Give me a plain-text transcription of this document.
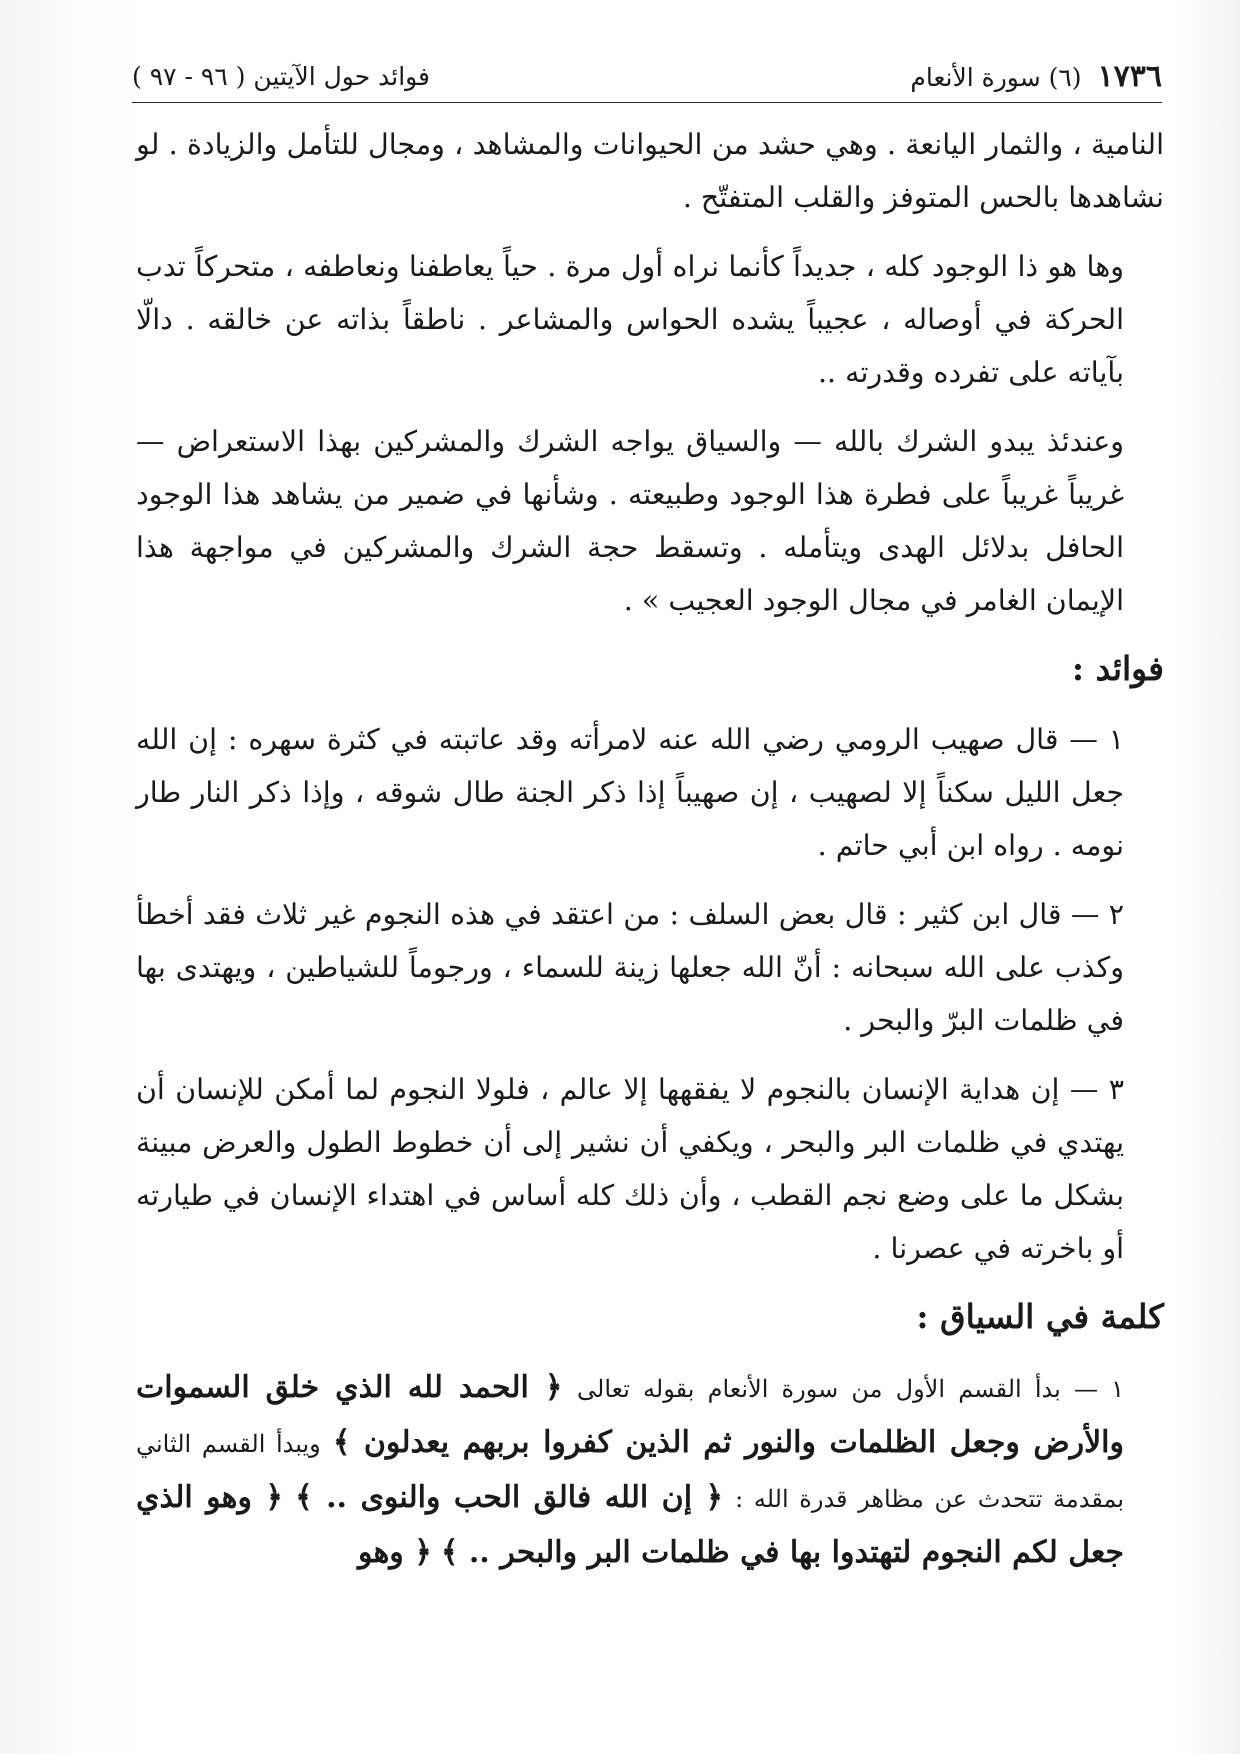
١٧٣٦
(٦) سورة الأنعام
فوائد حول الآيتين ( ٩٦ - ٩٧ )

النامية ، والثمار اليانعة . وهي حشد من الحيوانات والمشاهد ، ومجال للتأمل والزيادة . لو نشاهدها بالحس المتوفز والقلب المتفتّح .

وها هو ذا الوجود كله ، جديداً كأنما نراه أول مرة . حياً يعاطفنا ونعاطفه ، متحركاً تدب الحركة في أوصاله ، عجيباً يشده الحواس والمشاعر . ناطقاً بذاته عن خالقه . دالّا بآياته على تفرده وقدرته ..

وعندئذ يبدو الشرك بالله — والسياق يواجه الشرك والمشركين بهذا الاستعراض — غريباً غريباً على فطرة هذا الوجود وطبيعته . وشأنها في ضمير من يشاهد هذا الوجود الحافل بدلائل الهدى ويتأمله . وتسقط حجة الشرك والمشركين في مواجهة هذا الإيمان الغامر في مجال الوجود العجيب » .

فوائد :

١ — قال صهيب الرومي رضي الله عنه لامرأته وقد عاتبته في كثرة سهره : إن الله جعل الليل سكناً إلا لصهيب ، إن صهيباً إذا ذكر الجنة طال شوقه ، وإذا ذكر النار طار نومه . رواه ابن أبي حاتم .

٢ — قال ابن كثير : قال بعض السلف : من اعتقد في هذه النجوم غير ثلاث فقد أخطأ وكذب على الله سبحانه : أنّ الله جعلها زينة للسماء ، ورجوماً للشياطين ، ويهتدى بها في ظلمات البرّ والبحر .

٣ — إن هداية الإنسان بالنجوم لا يفقهها إلا عالم ، فلولا النجوم لما أمكن للإنسان أن يهتدي في ظلمات البر والبحر ، ويكفي أن نشير إلى أن خطوط الطول والعرض مبينة بشكل ما على وضع نجم القطب ، وأن ذلك كله أساس في اهتداء الإنسان في طيارته أو باخرته في عصرنا .

كلمة في السياق :

١ — بدأ القسم الأول من سورة الأنعام بقوله تعالى ﴿ الحمد لله الذي خلق السموات والأرض وجعل الظلمات والنور ثم الذين كفروا بربهم يعدلون ﴾ ويبدأ القسم الثاني بمقدمة تتحدث عن مظاهر قدرة الله : ﴿ إن الله فالق الحب والنوى .. ﴾ ﴿ وهو الذي جعل لكم النجوم لتهتدوا بها في ظلمات البر والبحر .. ﴾ ﴿ وهو
